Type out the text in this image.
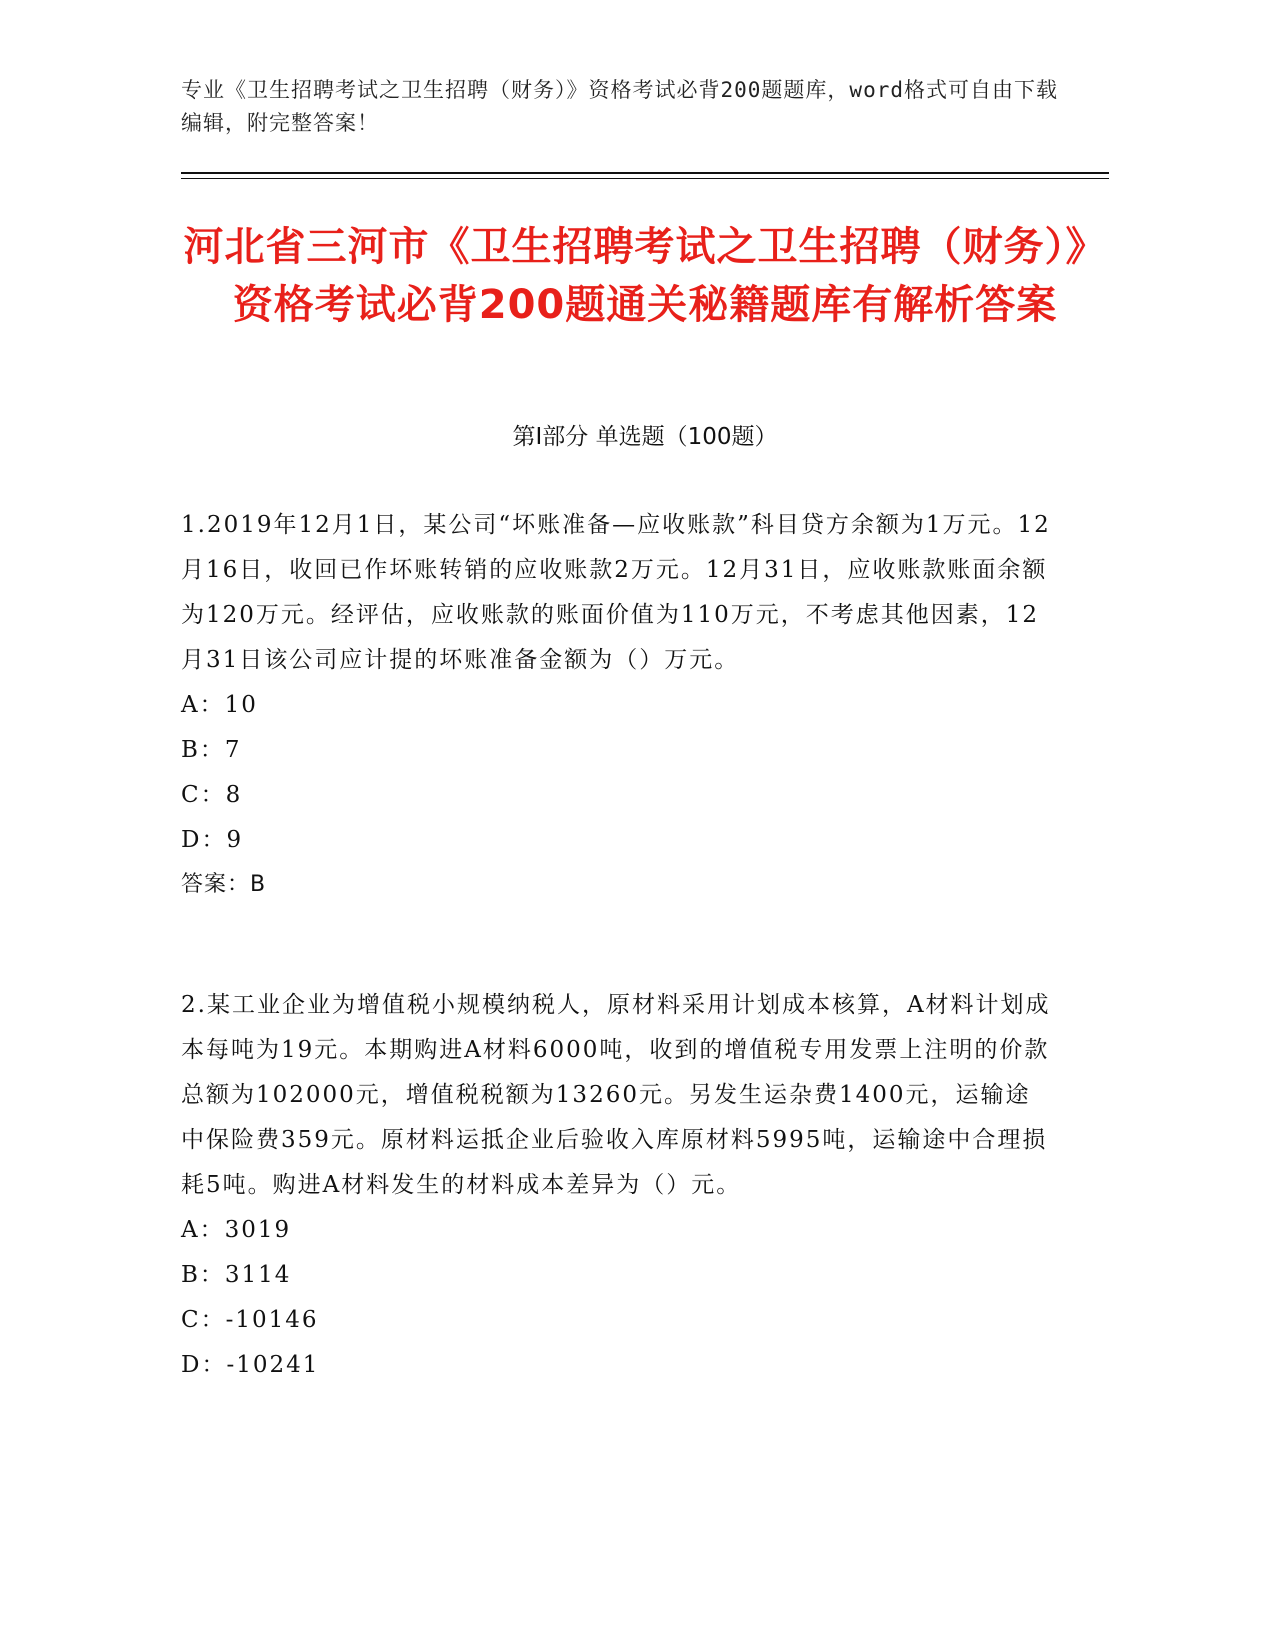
专业《卫生招聘考试之卫生招聘（财务）》资格考试必背200题题库，word格式可自由下载编辑，附完整答案！
河北省三河市《卫生招聘考试之卫生招聘（财务）》资格考试必背200题通关秘籍题库有解析答案
第I部分 单选题（100题）

1.2019年12月1日，某公司“坏账准备—应收账款”科目贷方余额为1万元。12月16日，收回已作坏账转销的应收账款2万元。12月31日，应收账款账面余额为120万元。经评估，应收账款的账面价值为110万元，不考虑其他因素，12月31日该公司应计提的坏账准备金额为（）万元。

A：10

B：7

C：8

D：9

答案：B

2.某工业企业为增值税小规模纳税人，原材料采用计划成本核算，A材料计划成本每吨为19元。本期购进A材料6000吨，收到的增值税专用发票上注明的价款总额为102000元，增值税税额为13260元。另发生运杂费1400元，运输途中保险费359元。原材料运抵企业后验收入库原材料5995吨，运输途中合理损耗5吨。购进A材料发生的材料成本差异为（）元。

A：3019

B：3114

C：-10146

D：-10241
